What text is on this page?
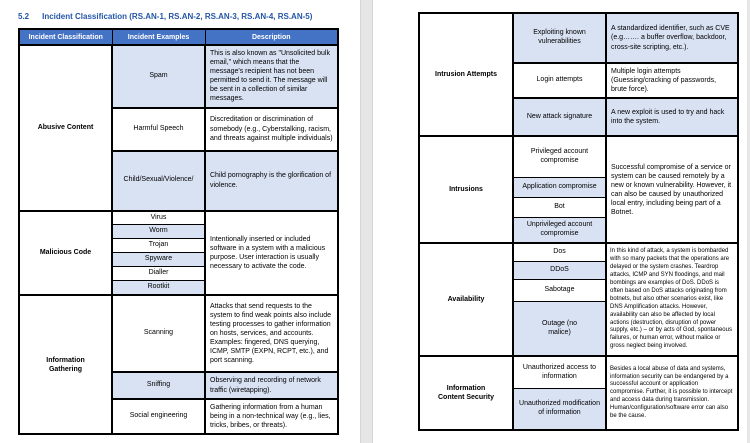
5.2 Incident Classification (RS.AN-1, RS.AN-2, RS.AN-3, RS.AN-4, RS.AN-5)
Incident Classification	Incident Examples	Description
Abusive Content	Spam	This is also known as "Unsolicited bulk email," which means that the message's recipient has not been permitted to send it. The message will be sent in a collection of similar messages.
	Harmful Speech	Discreditation or discrimination of somebody (e.g., Cyberstalking, racism, and threats against multiple individuals)
	Child/Sexual/Violence/	Child pornography is the glorification of violence.
Malicious Code	Virus	Intentionally inserted or included software in a system with a malicious purpose. User interaction is usually necessary to activate the code.
	Worm	
	Trojan	
	Spyware	
	Dialler	
	Rootkit	
Information Gathering	Scanning	Attacks that send requests to the system to find weak points also include testing processes to gather information on hosts, services, and accounts. Examples: fingered, DNS querying, ICMP, SMTP (EXPN, RCPT, etc.), and port scanning.
	Sniffing	Observing and recording of network traffic (wiretapping).
	Social engineering	Gathering information from a human being in a non-technical way (e.g., lies, tricks, bribes, or threats).
Intrusion Attempts	Exploiting known vulnerabilities	A standardized identifier, such as CVE (e.g……. a buffer overflow, backdoor, cross-site scripting, etc.).
	Login attempts	Multiple login attempts (Guessing/cracking of passwords, brute force).
	New attack signature	A new exploit is used to try and hack into the system.
Intrusions	Privileged account compromise	Successful compromise of a service or system can be caused remotely by a new or known vulnerability. However, it can also be caused by unauthorized local entry, including being part of a Botnet.
	Application compromise	
	Bot	
	Unprivileged account compromise	
Availability	Dos	In this kind of attack, a system is bombarded with so many packets that the operations are delayed or the system crashes. Teardrop attacks, ICMP and SYN floodings, and mail bombings are examples of DoS. DDoS is often based on DoS attacks originating from botnets, but also other scenarios exist, like DNS Amplification attacks. However, availability can also be affected by local actions (destruction, disruption of power supply, etc.) – or by acts of God, spontaneous failures, or human error, without malice or gross neglect being involved.
	DDoS	
	Sabotage	
	Outage (no malice)	
Information Content Security	Unauthorized access to information	Besides a local abuse of data and systems, information security can be endangered by a successful account or application compromise. Further, it is possible to intercept and access data during transmission. Human/configuration/software error can also be the cause.
	Unauthorized modification of information	
